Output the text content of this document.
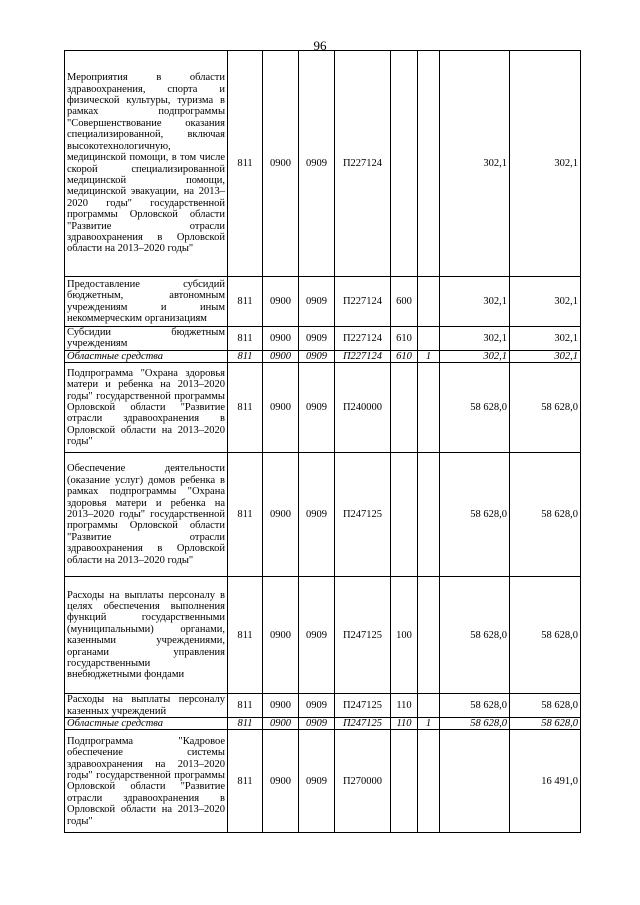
96
Мероприятия в области здравоохранения, спорта и физической культуры, туризма в рамках подпрограммы "Совершенствование оказания специализированной, включая высокотехнологичную, медицинской помощи, в том числе скорой специализированной медицинской помощи, медицинской эвакуации, на 2013–2020 годы" государственной программы Орловской области "Развитие отрасли здравоохранения в Орловской области на 2013–2020 годы"	811	0900	0909	П227124			302,1	302,1
Предоставление субсидий бюджетным, автономным учреждениям и иным некоммерческим организациям	811	0900	0909	П227124	600		302,1	302,1
Субсидии бюджетным учреждениям	811	0900	0909	П227124	610		302,1	302,1
Областные средства	811	0900	0909	П227124	610	1	302,1	302,1
Подпрограмма "Охрана здоровья матери и ребенка на 2013–2020 годы" государственной программы Орловской области "Развитие отрасли здравоохранения в Орловской области на 2013–2020 годы"	811	0900	0909	П240000			58 628,0	58 628,0
Обеспечение деятельности (оказание услуг) домов ребенка в рамках подпрограммы "Охрана здоровья матери и ребенка на 2013–2020 годы" государственной программы Орловской области "Развитие отрасли здравоохранения в Орловской области на 2013–2020 годы"	811	0900	0909	П247125			58 628,0	58 628,0
Расходы на выплаты персоналу в целях обеспечения выполнения функций государственными (муниципальными) органами, казенными учреждениями, органами управления государственными внебюджетными фондами	811	0900	0909	П247125	100		58 628,0	58 628,0
Расходы на выплаты персоналу казенных учреждений	811	0900	0909	П247125	110		58 628,0	58 628,0
Областные средства	811	0900	0909	П247125	110	1	58 628,0	58 628,0
Подпрограмма "Кадровое обеспечение системы здравоохранения на 2013–2020 годы" государственной программы Орловской области "Развитие отрасли здравоохранения в Орловской области на 2013–2020 годы"	811	0900	0909	П270000				16 491,0
